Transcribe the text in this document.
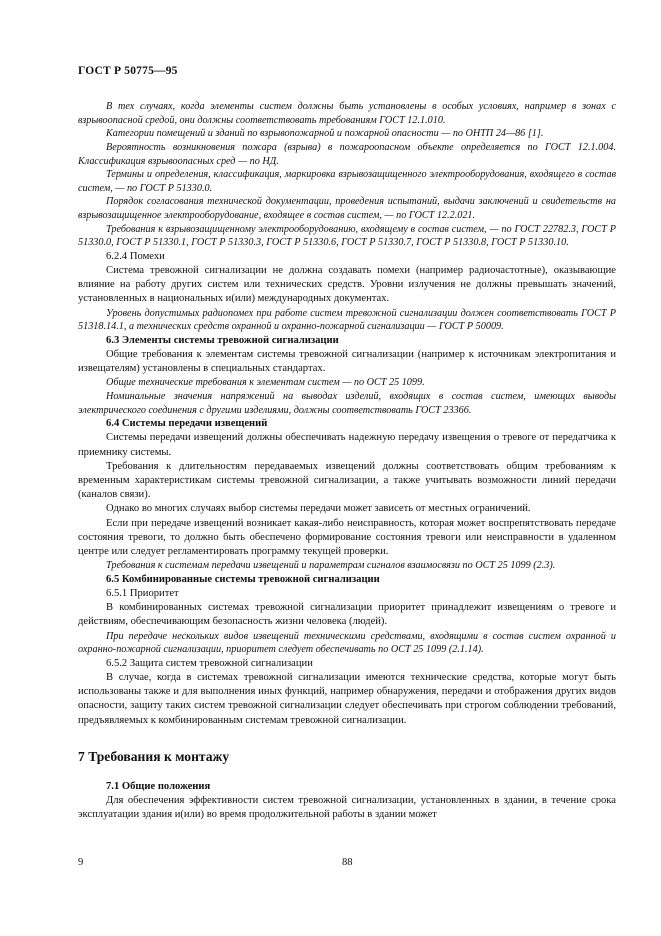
ГОСТ Р 50775—95

В тех случаях, когда элементы систем должны быть установлены в особых условиях, например в зонах с взрывоопасной средой, они должны соответствовать требованиям ГОСТ 12.1.010.

Категории помещений и зданий по взрывопожарной и пожарной опасности — по ОНТП 24—86 [1].

Вероятность возникновения пожара (взрыва) в пожароопасном объекте определяется по ГОСТ 12.1.004. Классификация взрывоопасных сред — по НД.

Термины и определения, классификация, маркировка взрывозащищенного электрооборудования, входящего в состав систем, — по ГОСТ Р 51330.0.

Порядок согласования технической документации, проведения испытаний, выдачи заключений и свидетельств на взрывозащищенное электрооборудование, входящее в состав систем, — по ГОСТ 12.2.021.

Требования к взрывозащищенному электрооборудованию, входящему в состав систем, — по ГОСТ 22782.3, ГОСТ Р 51330.0, ГОСТ Р 51330.1, ГОСТ Р 51330.3, ГОСТ Р 51330.6, ГОСТ Р 51330.7, ГОСТ Р 51330.8, ГОСТ Р 51330.10.

6.2.4 Помехи

Система тревожной сигнализации не должна создавать помехи (например радиочастотные), оказывающие влияние на работу других систем или технических средств. Уровни излучения не должны превышать значений, установленных в национальных и(или) международных документах.

Уровень допустимых радиопомех при работе систем тревожной сигнализации должен соответствовать ГОСТ Р 51318.14.1, а технических средств охранной и охранно-пожарной сигнализации — ГОСТ Р 50009.

6.3 Элементы системы тревожной сигнализации

Общие требования к элементам системы тревожной сигнализации (например к источникам электропитания и извещателям) установлены в специальных стандартах.

Общие технические требования к элементам систем — по ОСТ 25 1099.

Номинальные значения напряжений на выводах изделий, входящих в состав систем, имеющих выводы электрического соединения с другими изделиями, должны соответствовать ГОСТ 23366.

6.4 Системы передачи извещений

Системы передачи извещений должны обеспечивать надежную передачу извещения о тревоге от передатчика к приемнику системы.

Требования к длительностям передаваемых извещений должны соответствовать общим требованиям к временным характеристикам системы тревожной сигнализации, а также учитывать возможности линий передачи (каналов связи).

Однако во многих случаях выбор системы передачи может зависеть от местных ограничений.

Если при передаче извещений возникает какая-либо неисправность, которая может воспрепятствовать передаче состояния тревоги, то должно быть обеспечено формирование состояния тревоги или неисправности в удаленном центре или следует регламентировать программу текущей проверки.

Требования к системам передачи извещений и параметрам сигналов взаимосвязи по ОСТ 25 1099 (2.3).

6.5 Комбинированные системы тревожной сигнализации

6.5.1 Приоритет

В комбинированных системах тревожной сигнализации приоритет принадлежит извещениям о тревоге и действиям, обеспечивающим безопасность жизни человека (людей).

При передаче нескольких видов извещений техническими средствами, входящими в состав систем охранной и охранно-пожарной сигнализации, приоритет следует обеспечивать по ОСТ 25 1099 (2.1.14).

6.5.2 Защита систем тревожной сигнализации

В случае, когда в системах тревожной сигнализации имеются технические средства, которые могут быть использованы также и для выполнения иных функций, например обнаружения, передачи и отображения других видов опасности, защиту таких систем тревожной сигнализации следует обеспечивать при строгом соблюдении требований, предъявляемых к комбинированным системам тревожной сигнализации.

7 Требования к монтажу

7.1 Общие положения

Для обеспечения эффективности систем тревожной сигнализации, установленных в здании, в течение срока эксплуатации здания и(или) во время продолжительной работы в здании может

9	88
